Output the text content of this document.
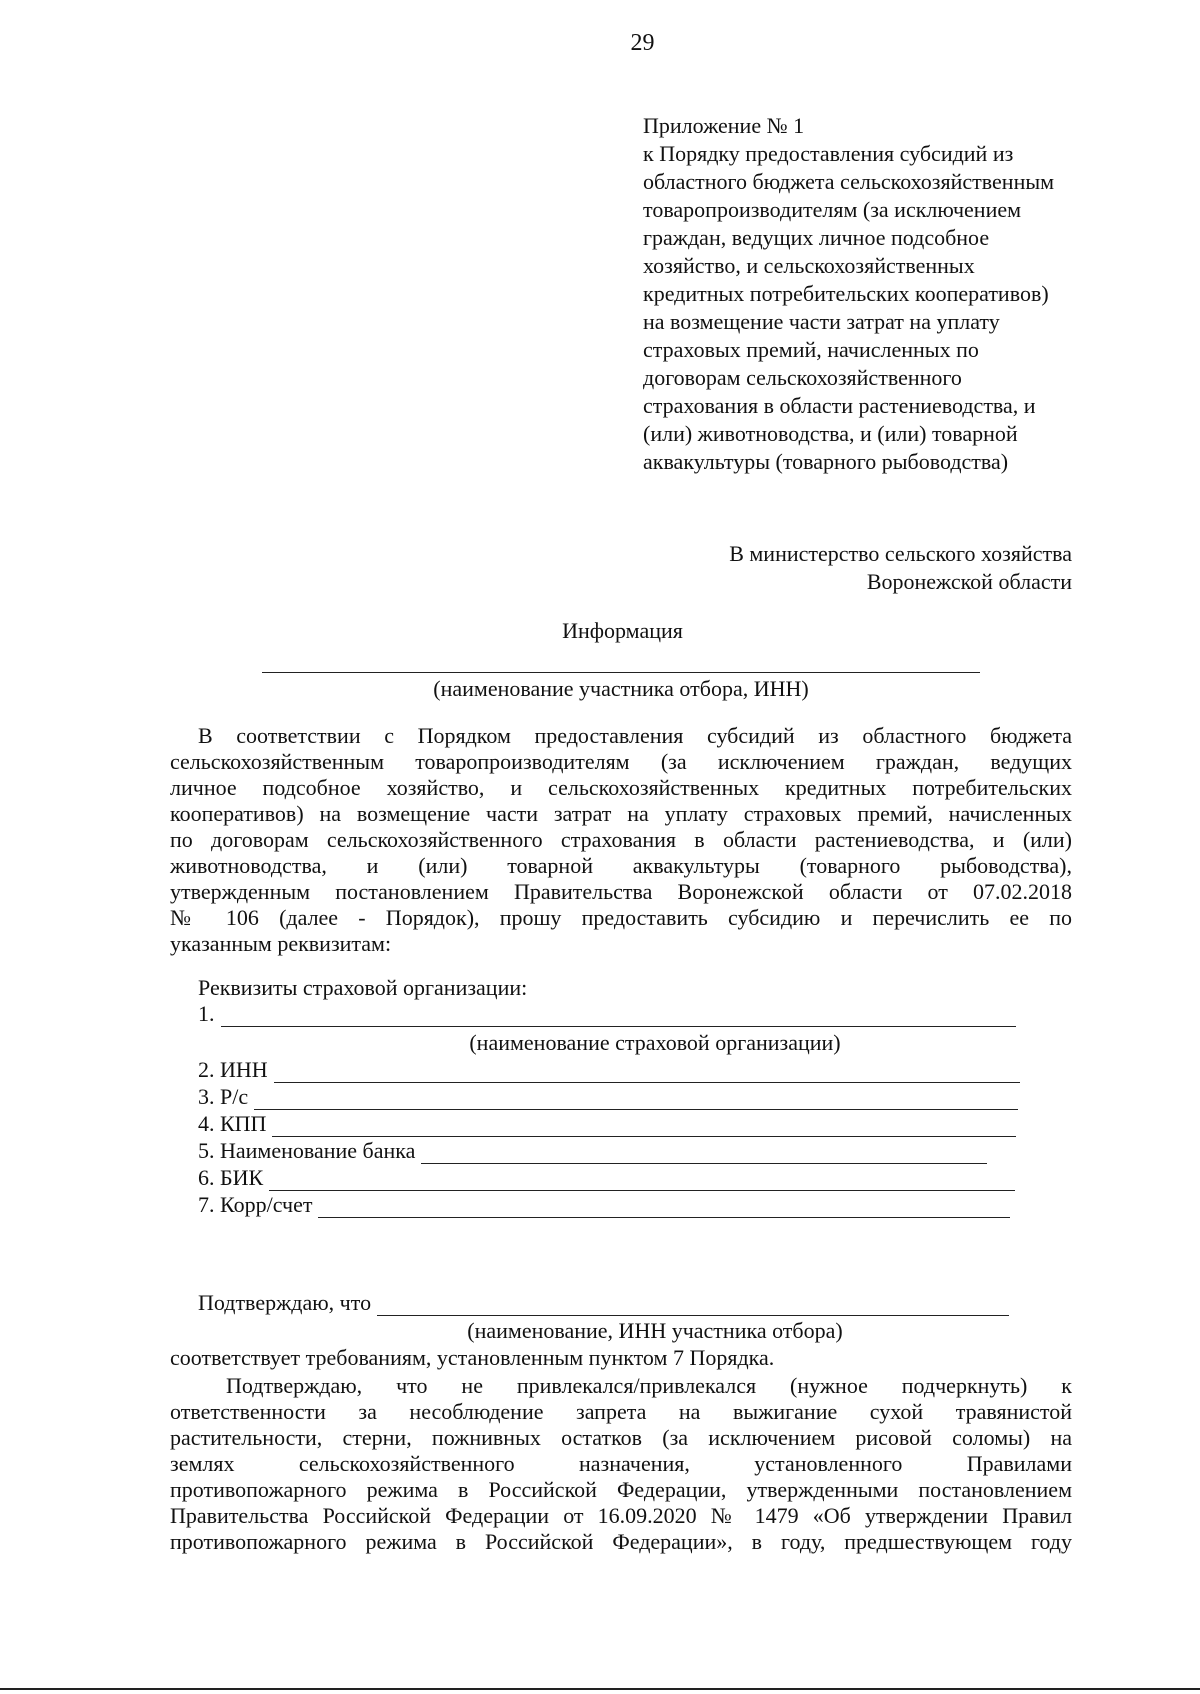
29
Приложение № 1
к Порядку предоставления субсидий из
областного бюджета сельскохозяйственным
товаропроизводителям (за исключением
граждан, ведущих личное подсобное
хозяйство, и сельскохозяйственных
кредитных потребительских кооперативов)
на возмещение части затрат на уплату
страховых премий, начисленных по
договорам сельскохозяйственного
страхования в области растениеводства, и
(или) животноводства, и (или) товарной
аквакультуры (товарного рыбоводства)
В министерство сельского хозяйства
Воронежской области
Информация
(наименование участника отбора, ИНН)
В соответствии с Порядком предоставления субсидий из областного бюджета
сельскохозяйственным товаропроизводителям (за исключением граждан, ведущих
личное подсобное хозяйство, и сельскохозяйственных кредитных потребительских
кооперативов) на возмещение части затрат на уплату страховых премий, начисленных
по договорам сельскохозяйственного страхования в области растениеводства, и (или)
животноводства, и (или) товарной аквакультуры (товарного рыбоводства),
утвержденным постановлением Правительства Воронежской области от 07.02.2018
№ 106 (далее - Порядок), прошу предоставить субсидию и перечислить ее по
указанным реквизитам:
Реквизиты страховой организации:
1.
(наименование страховой организации)
2. ИНН
3. Р/с
4. КПП
5. Наименование банка
6. БИК
7. Корр/счет
Подтверждаю, что
(наименование, ИНН участника отбора)
соответствует требованиям, установленным пунктом 7 Порядка.
Подтверждаю, что не привлекался/привлекался (нужное подчеркнуть) к
ответственности за несоблюдение запрета на выжигание сухой травянистой
растительности, стерни, пожнивных остатков (за исключением рисовой соломы) на
землях сельскохозяйственного назначения, установленного Правилами
противопожарного режима в Российской Федерации, утвержденными постановлением
Правительства Российской Федерации от 16.09.2020 № 1479 «Об утверждении Правил
противопожарного режима в Российской Федерации», в году, предшествующем году
